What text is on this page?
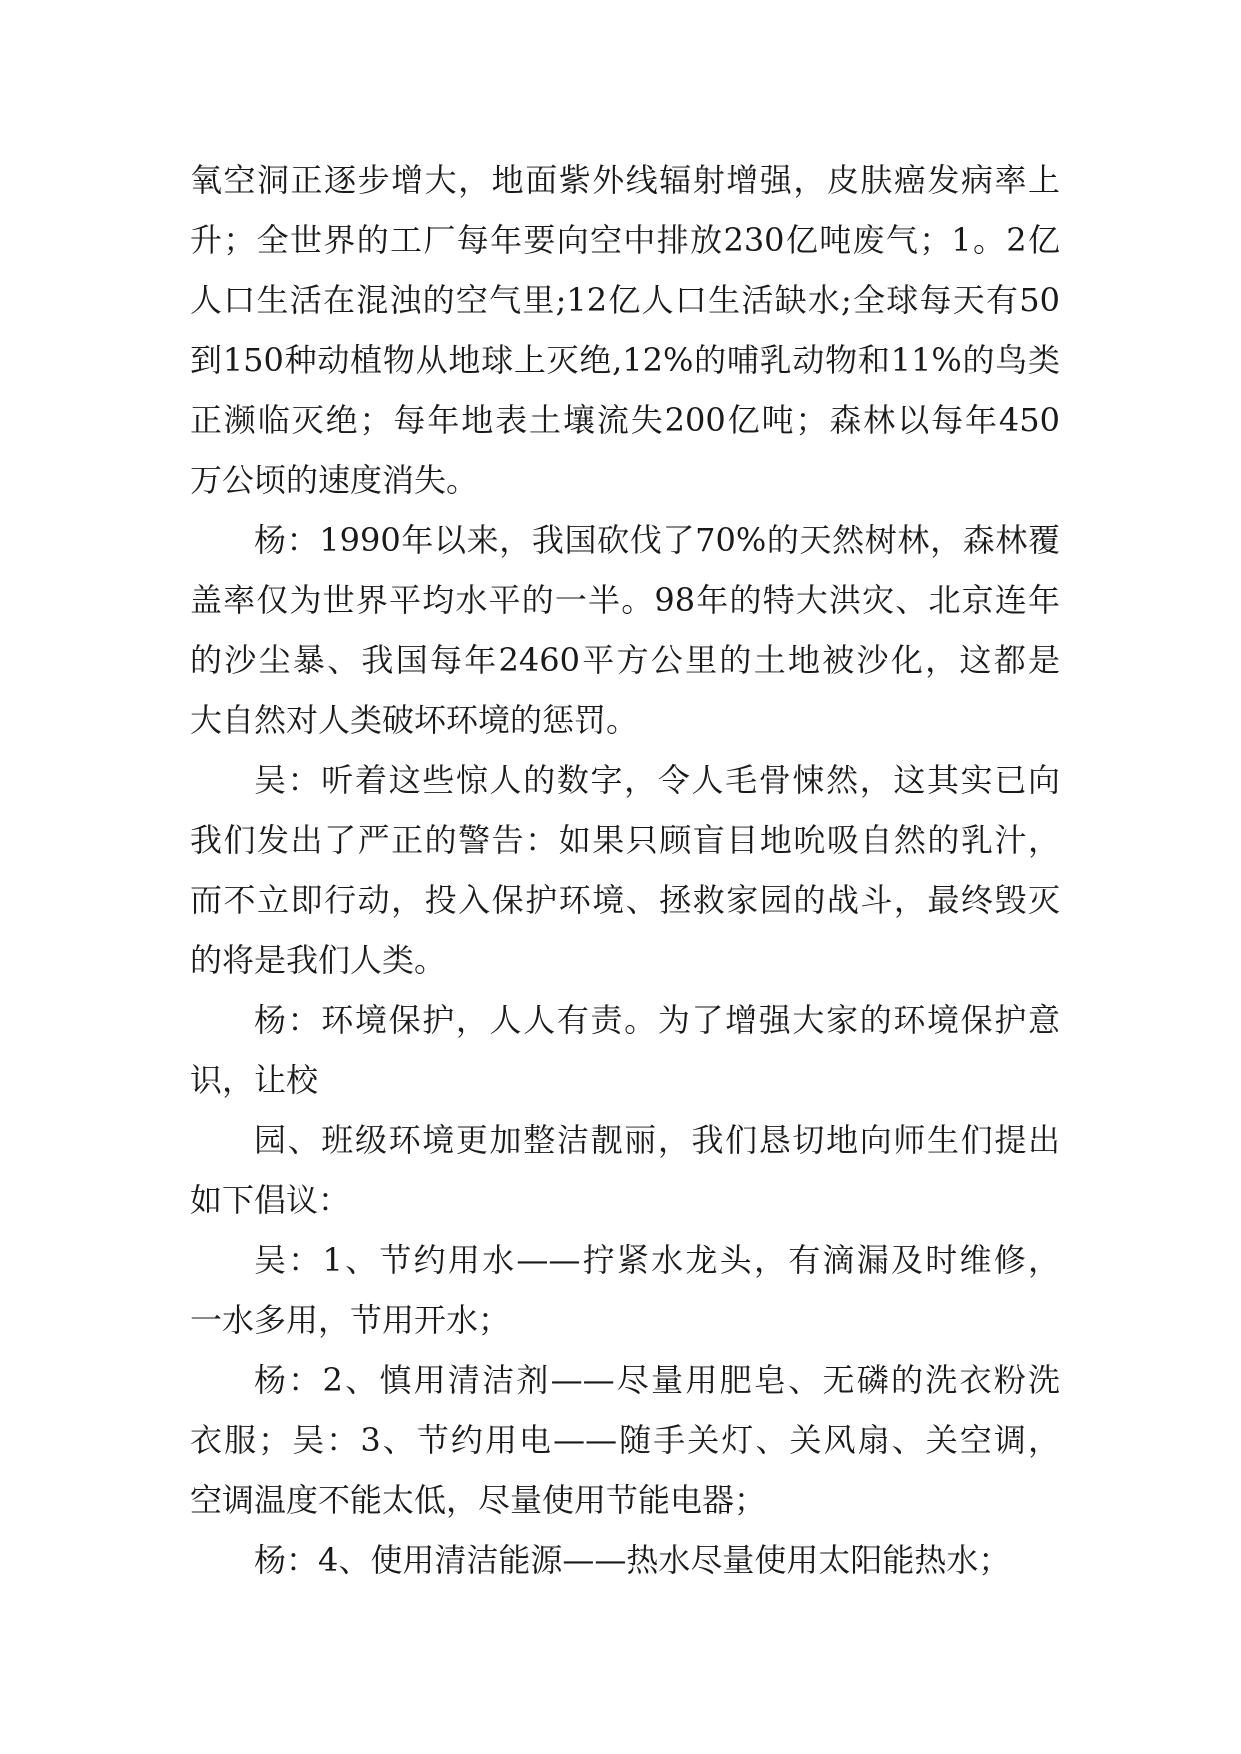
氧空洞正逐步增大，地面紫外线辐射增强，皮肤癌发病率上
升；全世界的工厂每年要向空中排放230亿吨废气；1。2亿
人口生活在混浊的空气里;12亿人口生活缺水;全球每天有50
到150种动植物从地球上灭绝,12%的哺乳动物和11%的鸟类
正濒临灭绝；每年地表土壤流失200亿吨；森林以每年450
万公顷的速度消失。
杨：1990年以来，我国砍伐了70%的天然树林，森林覆
盖率仅为世界平均水平的一半。98年的特大洪灾、北京连年
的沙尘暴、我国每年2460平方公里的土地被沙化，这都是
大自然对人类破坏环境的惩罚。
吴：听着这些惊人的数字，令人毛骨悚然，这其实已向
我们发出了严正的警告：如果只顾盲目地吮吸自然的乳汁，
而不立即行动，投入保护环境、拯救家园的战斗，最终毁灭
的将是我们人类。
杨：环境保护，人人有责。为了增强大家的环境保护意
识，让校
园、班级环境更加整洁靓丽，我们恳切地向师生们提出
如下倡议：
吴：1、节约用水——拧紧水龙头，有滴漏及时维修，
一水多用，节用开水；
杨：2、慎用清洁剂——尽量用肥皂、无磷的洗衣粉洗
衣服；吴：3、节约用电——随手关灯、关风扇、关空调，
空调温度不能太低，尽量使用节能电器；
杨：4、使用清洁能源——热水尽量使用太阳能热水；
